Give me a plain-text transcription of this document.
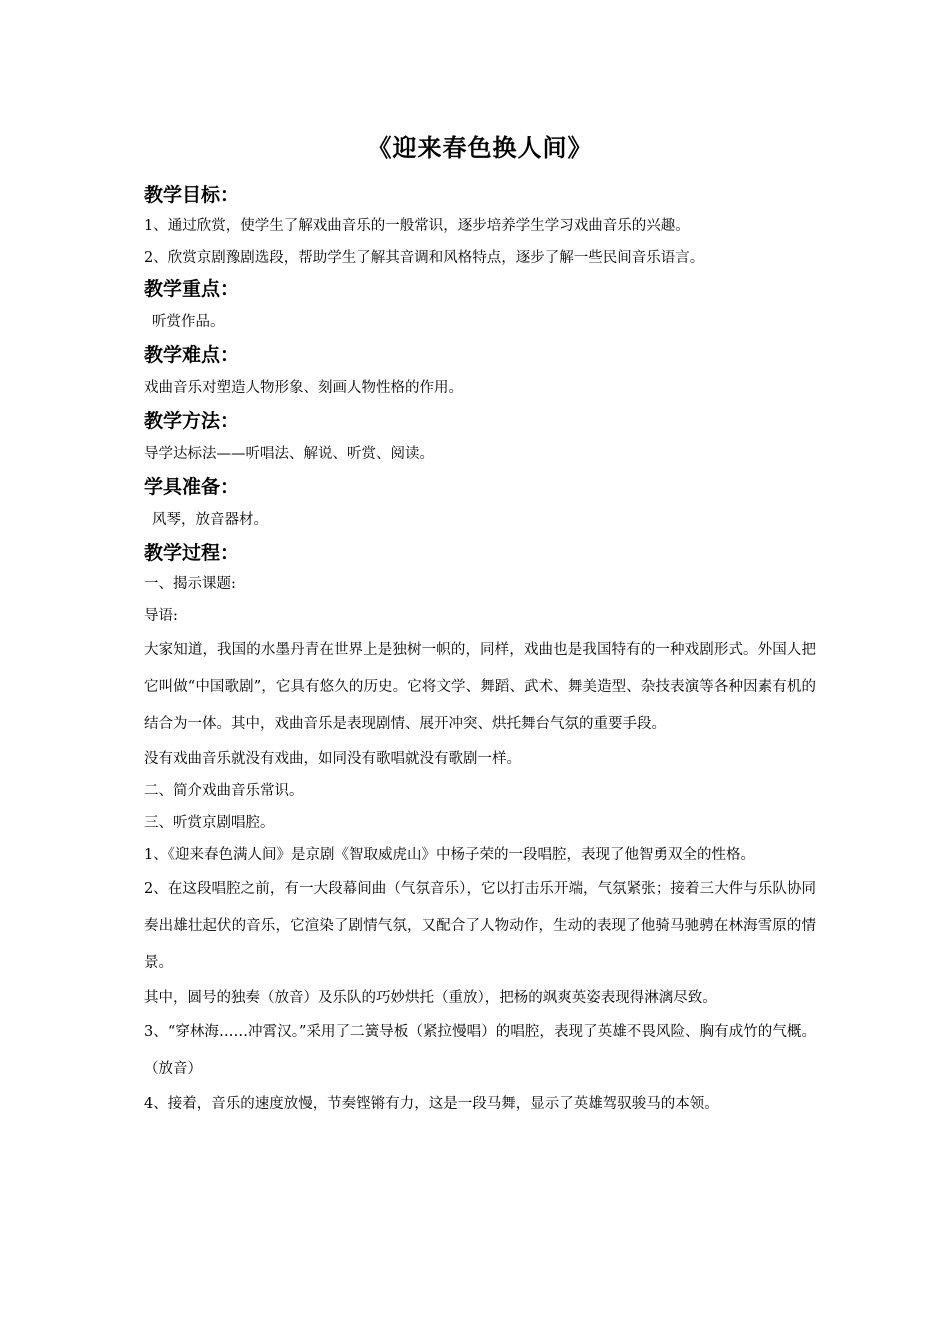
《迎来春色换人间》
教学目标：
1、通过欣赏，使学生了解戏曲音乐的一般常识，逐步培养学生学习戏曲音乐的兴趣。
2、欣赏京剧豫剧选段，帮助学生了解其音调和风格特点，逐步了解一些民间音乐语言。
教学重点：
听赏作品。
教学难点：
戏曲音乐对塑造人物形象、刻画人物性格的作用。
教学方法：
导学达标法——听唱法、解说、听赏、阅读。
学具准备：
风琴，放音器材。
教学过程：
一、揭示课题:
导语:
大家知道，我国的水墨丹青在世界上是独树一帜的，同样，戏曲也是我国特有的一种戏剧形式。外国人把它叫做“中国歌剧”，它具有悠久的历史。它将文学、舞蹈、武术、舞美造型、杂技表演等各种因素有机的结合为一体。其中，戏曲音乐是表现剧情、展开冲突、烘托舞台气氛的重要手段。
没有戏曲音乐就没有戏曲，如同没有歌唱就没有歌剧一样。
二、简介戏曲音乐常识。
三、听赏京剧唱腔。
1、《迎来春色满人间》是京剧《智取威虎山》中杨子荣的一段唱腔，表现了他智勇双全的性格。
2、在这段唱腔之前，有一大段幕间曲（气氛音乐），它以打击乐开端，气氛紧张；接着三大件与乐队协同奏出雄壮起伏的音乐，它渲染了剧情气氛，又配合了人物动作，生动的表现了他骑马驰骋在林海雪原的情景。
其中，圆号的独奏（放音）及乐队的巧妙烘托（重放），把杨的飒爽英姿表现得淋漓尽致。
3、“穿林海……冲霄汉。”采用了二簧导板（紧拉慢唱）的唱腔，表现了英雄不畏风险、胸有成竹的气概。（放音）
4、接着，音乐的速度放慢，节奏铿锵有力，这是一段马舞，显示了英雄驾驭骏马的本领。
